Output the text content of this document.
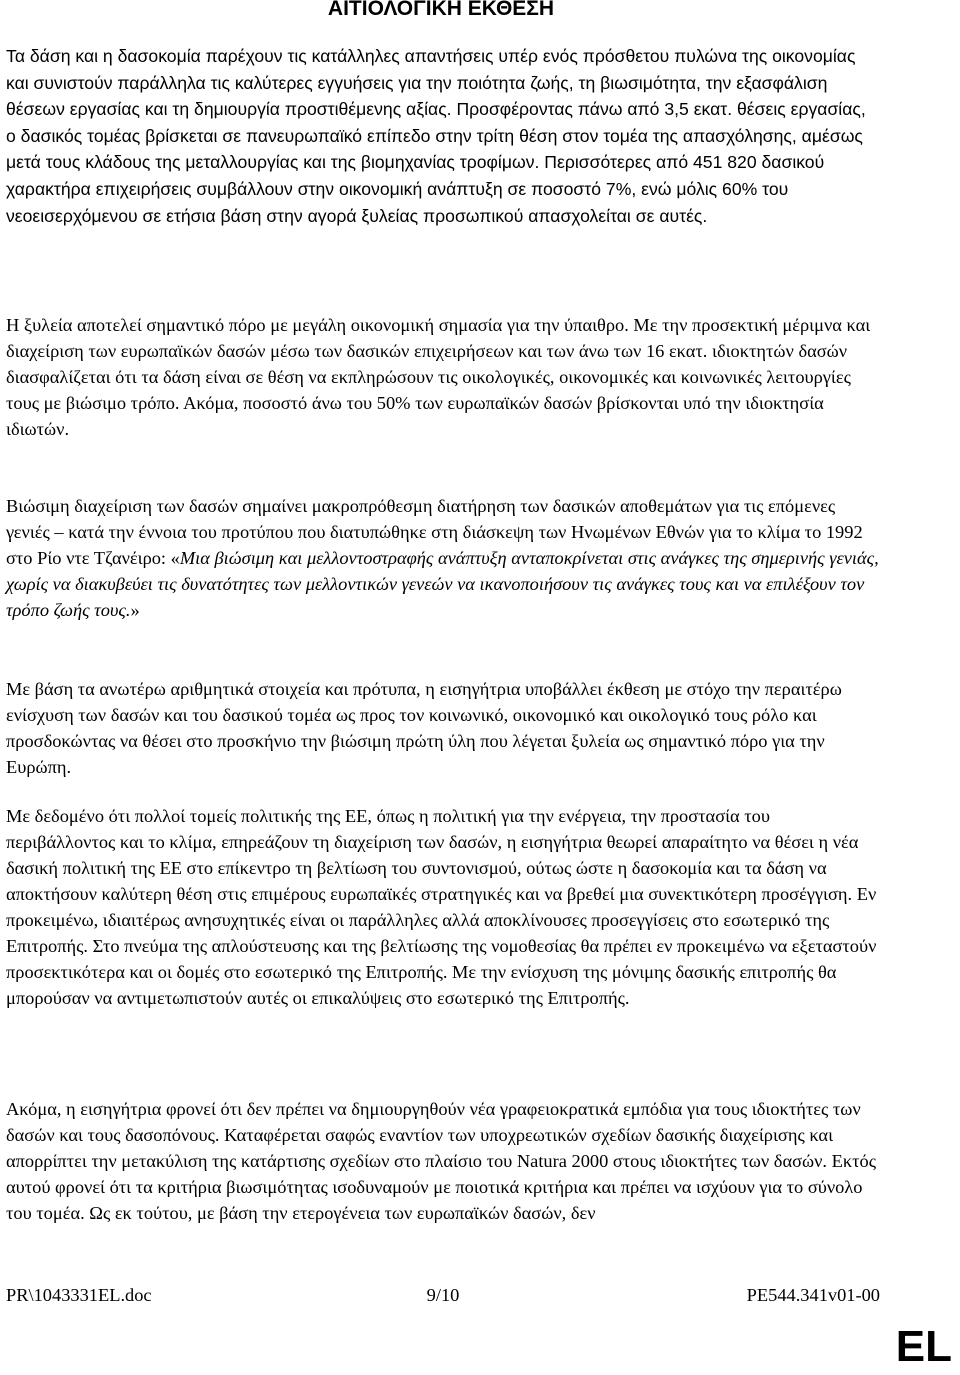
ΑΙΤΙΟΛΟΓΙΚΗ ΕΚΘΕΣΗ

Τα δάση και η δασοκομία παρέχουν τις κατάλληλες απαντήσεις υπέρ ενός πρόσθετου πυλώνα της οικονομίας και συνιστούν παράλληλα τις καλύτερες εγγυήσεις για την ποιότητα ζωής, τη βιωσιμότητα, την εξασφάλιση θέσεων εργασίας και τη δημιουργία προστιθέμενης αξίας. Προσφέροντας πάνω από 3,5 εκατ. θέσεις εργασίας, ο δασικός τομέας βρίσκεται σε πανευρωπαϊκό επίπεδο στην τρίτη θέση στον τομέα της απασχόλησης, αμέσως μετά τους κλάδους της μεταλλουργίας και της βιομηχανίας τροφίμων. Περισσότερες από 451 820 δασικού χαρακτήρα επιχειρήσεις συμβάλλουν στην οικονομική ανάπτυξη σε ποσοστό 7%, ενώ μόλις 60% του νεοεισερχόμενου σε ετήσια βάση στην αγορά ξυλείας προσωπικού απασχολείται σε αυτές.

Η ξυλεία αποτελεί σημαντικό πόρο με μεγάλη οικονομική σημασία για την ύπαιθρο. Με την προσεκτική μέριμνα και διαχείριση των ευρωπαϊκών δασών μέσω των δασικών επιχειρήσεων και των άνω των 16 εκατ. ιδιοκτητών δασών διασφαλίζεται ότι τα δάση είναι σε θέση να εκπληρώσουν τις οικολογικές, οικονομικές και κοινωνικές λειτουργίες τους με βιώσιμο τρόπο. Ακόμα, ποσοστό άνω του 50% των ευρωπαϊκών δασών βρίσκονται υπό την ιδιοκτησία ιδιωτών.

Βιώσιμη διαχείριση των δασών σημαίνει μακροπρόθεσμη διατήρηση των δασικών αποθεμάτων για τις επόμενες γενιές – κατά την έννοια του προτύπου που διατυπώθηκε στη διάσκεψη των Ηνωμένων Εθνών για το κλίμα το 1992 στο Ρίο ντε Τζανέιρο: «Μια βιώσιμη και μελλοντοστραφής ανάπτυξη ανταποκρίνεται στις ανάγκες της σημερινής γενιάς, χωρίς να διακυβεύει τις δυνατότητες των μελλοντικών γενεών να ικανοποιήσουν τις ανάγκες τους και να επιλέξουν τον τρόπο ζωής τους.»

Με βάση τα ανωτέρω αριθμητικά στοιχεία και πρότυπα, η εισηγήτρια υποβάλλει έκθεση με στόχο την περαιτέρω ενίσχυση των δασών και του δασικού τομέα ως προς τον κοινωνικό, οικονομικό και οικολογικό τους ρόλο και προσδοκώντας να θέσει στο προσκήνιο την βιώσιμη πρώτη ύλη που λέγεται ξυλεία ως σημαντικό πόρο για την Ευρώπη.

Με δεδομένο ότι πολλοί τομείς πολιτικής της ΕΕ, όπως η πολιτική για την ενέργεια, την προστασία του περιβάλλοντος και το κλίμα, επηρεάζουν τη διαχείριση των δασών, η εισηγήτρια θεωρεί απαραίτητο να θέσει η νέα δασική πολιτική της ΕΕ στο επίκεντρο τη βελτίωση του συντονισμού, ούτως ώστε η δασοκομία και τα δάση να αποκτήσουν καλύτερη θέση στις επιμέρους ευρωπαϊκές στρατηγικές και να βρεθεί μια συνεκτικότερη προσέγγιση. Εν προκειμένω, ιδιαιτέρως ανησυχητικές είναι οι παράλληλες αλλά αποκλίνουσες προσεγγίσεις στο εσωτερικό της Επιτροπής. Στο πνεύμα της απλούστευσης και της βελτίωσης της νομοθεσίας θα πρέπει εν προκειμένω να εξεταστούν προσεκτικότερα και οι δομές στο εσωτερικό της Επιτροπής. Με την ενίσχυση της μόνιμης δασικής επιτροπής θα μπορούσαν να αντιμετωπιστούν αυτές οι επικαλύψεις στο εσωτερικό της Επιτροπής.

Ακόμα, η εισηγήτρια φρονεί ότι δεν πρέπει να δημιουργηθούν νέα γραφειοκρατικά εμπόδια για τους ιδιοκτήτες των δασών και τους δασοπόνους. Καταφέρεται σαφώς εναντίον των υποχρεωτικών σχεδίων δασικής διαχείρισης και απορρίπτει την μετακύλιση της κατάρτισης σχεδίων στο πλαίσιο του Natura 2000 στους ιδιοκτήτες των δασών. Εκτός αυτού φρονεί ότι τα κριτήρια βιωσιμότητας ισοδυναμούν με ποιοτικά κριτήρια και πρέπει να ισχύουν για το σύνολο του τομέα. Ως εκ τούτου, με βάση την ετερογένεια των ευρωπαϊκών δασών, δεν

PR\1043331EL.doc	9/10	PE544.341v01-00
EL
